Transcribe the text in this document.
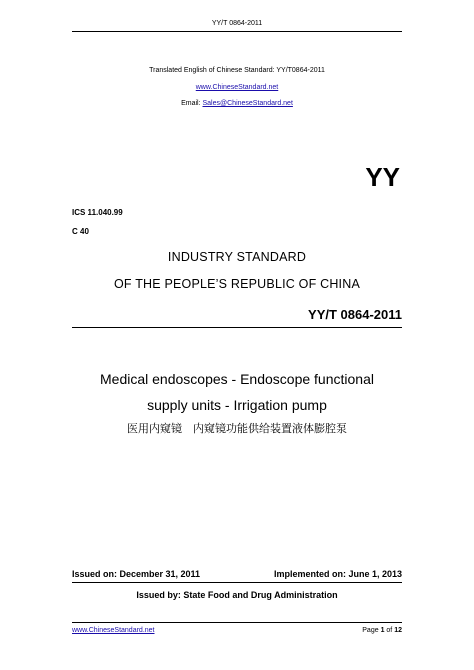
YY/T 0864-2011
Translated English of Chinese Standard: YY/T0864-2011
www.ChineseStandard.net
Email: Sales@ChineseStandard.net
YY
ICS 11.040.99
C 40
INDUSTRY STANDARD
OF THE PEOPLE’S REPUBLIC OF CHINA
YY/T 0864-2011
Medical endoscopes - Endoscope functional
supply units - Irrigation pump
医用内窥镜　内窥镜功能供给装置液体膨腔泵
Issued on: December 31, 2011	Implemented on: June 1, 2013
Issued by: State Food and Drug Administration
www.ChineseStandard.net	Page 1 of 12
